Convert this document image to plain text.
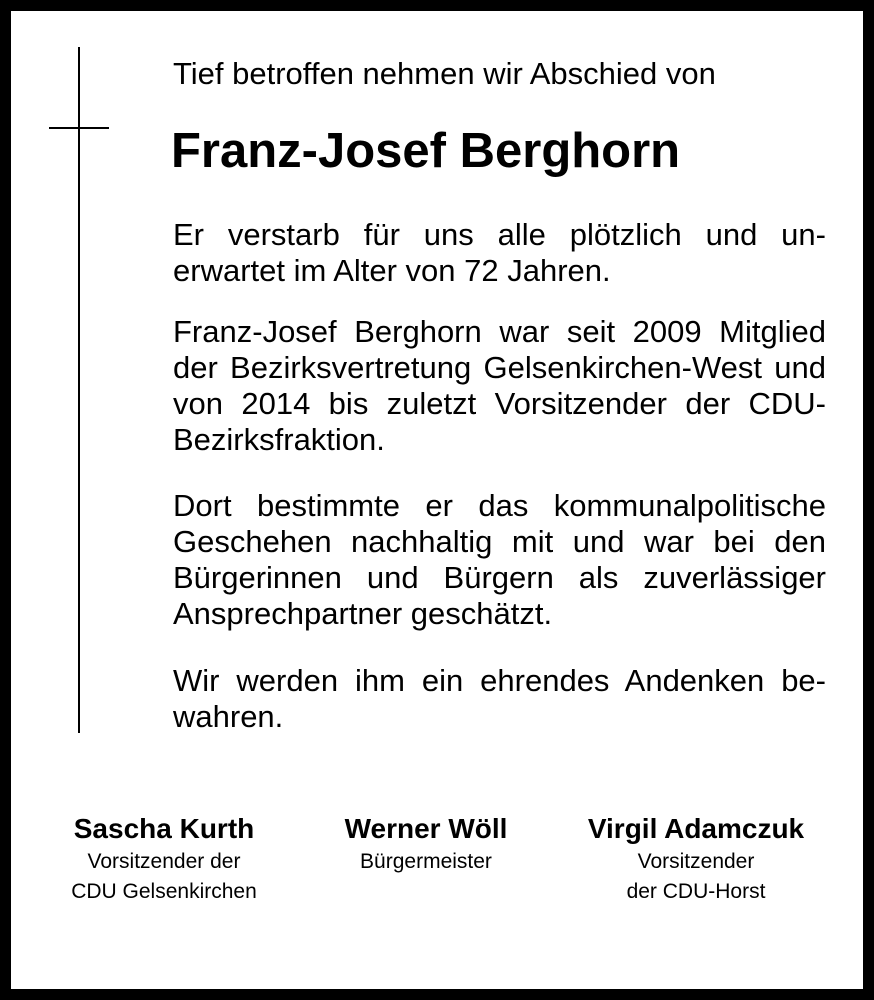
Tief betroffen nehmen wir Abschied von
Franz-Josef Berghorn

Er verstarb für uns alle plötzlich und un-erwartet im Alter von 72 Jahren.

Franz-Josef Berghorn war seit 2009 Mitglied der Bezirksvertretung Gelsenkirchen-West und von 2014 bis zuletzt Vorsitzender der CDU-Bezirksfraktion.

Dort bestimmte er das kommunalpolitische Geschehen nachhaltig mit und war bei den Bürgerinnen und Bürgern als zuverlässiger Ansprechpartner geschätzt.

Wir werden ihm ein ehrendes Andenken be-wahren.

Sascha Kurth
Vorsitzender der
CDU Gelsenkirchen
Werner Wöll
Bürgermeister
Virgil Adamczuk
Vorsitzender
der CDU-Horst
